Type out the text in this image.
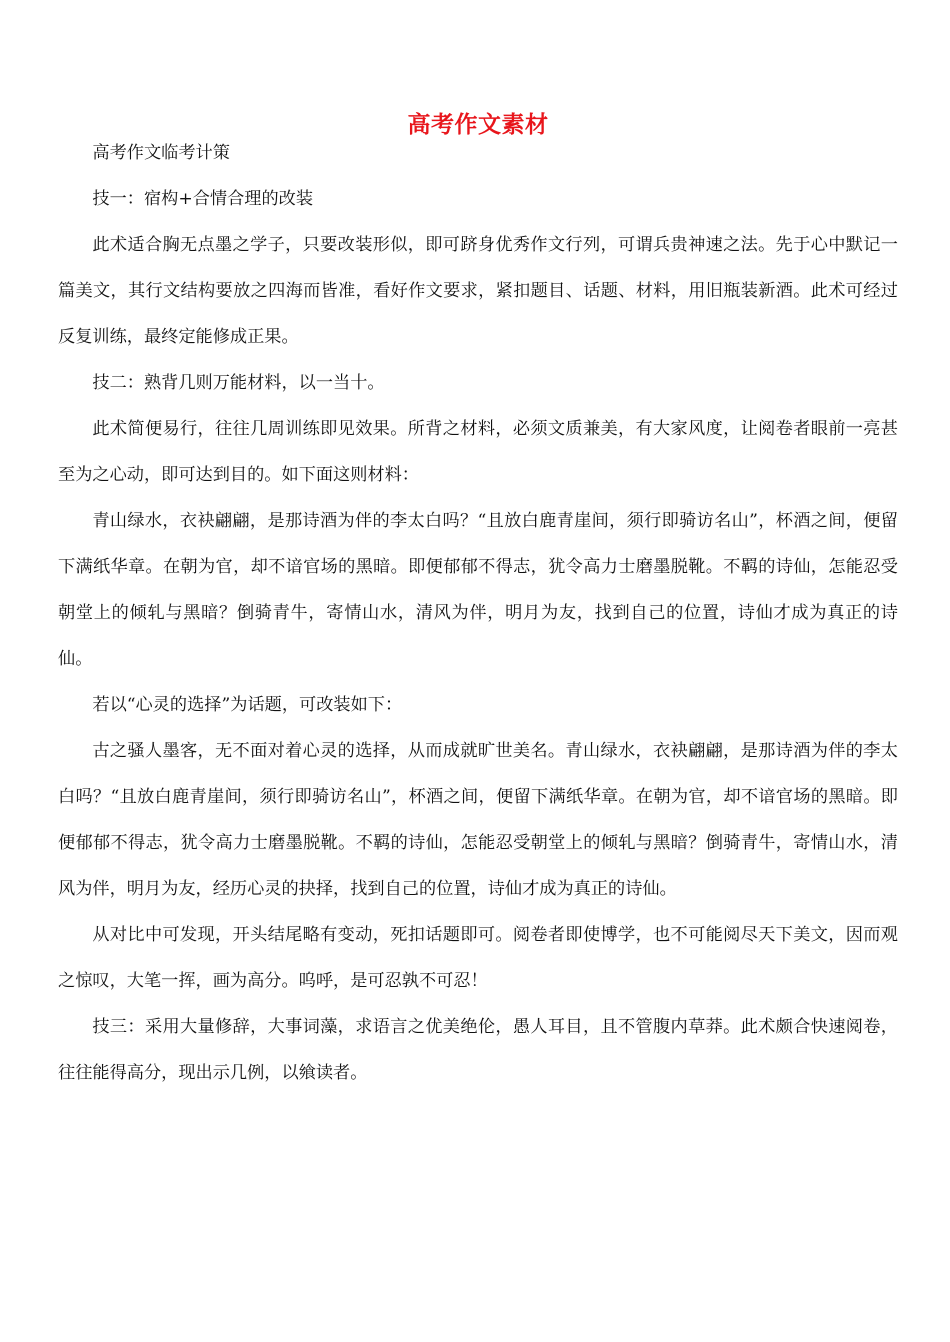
高考作文素材

高考作文临考计策

技一：宿构+合情合理的改装

此术适合胸无点墨之学子，只要改装形似，即可跻身优秀作文行列，可谓兵贵神速之法。先于心中默记一篇美文，其行文结构要放之四海而皆准，看好作文要求，紧扣题目、话题、材料，用旧瓶装新酒。此术可经过反复训练，最终定能修成正果。

技二：熟背几则万能材料，以一当十。

此术简便易行，往往几周训练即见效果。所背之材料，必须文质兼美，有大家风度，让阅卷者眼前一亮甚至为之心动，即可达到目的。如下面这则材料：

青山绿水，衣袂翩翩，是那诗酒为伴的李太白吗？“且放白鹿青崖间，须行即骑访名山”，杯酒之间，便留下满纸华章。在朝为官，却不谙官场的黑暗。即便郁郁不得志，犹令高力士磨墨脱靴。不羁的诗仙，怎能忍受朝堂上的倾轧与黑暗？倒骑青牛，寄情山水，清风为伴，明月为友，找到自己的位置，诗仙才成为真正的诗仙。

若以“心灵的选择”为话题，可改装如下：

古之骚人墨客，无不面对着心灵的选择，从而成就旷世美名。青山绿水，衣袂翩翩，是那诗酒为伴的李太白吗？“且放白鹿青崖间，须行即骑访名山”，杯酒之间，便留下满纸华章。在朝为官，却不谙官场的黑暗。即便郁郁不得志，犹令高力士磨墨脱靴。不羁的诗仙，怎能忍受朝堂上的倾轧与黑暗？倒骑青牛，寄情山水，清风为伴，明月为友，经历心灵的抉择，找到自己的位置，诗仙才成为真正的诗仙。

从对比中可发现，开头结尾略有变动，死扣话题即可。阅卷者即使博学，也不可能阅尽天下美文，因而观之惊叹，大笔一挥，画为高分。呜呼，是可忍孰不可忍！

技三：采用大量修辞，大事词藻，求语言之优美绝伦，愚人耳目，且不管腹内草莽。此术颇合快速阅卷，往往能得高分，现出示几例，以飨读者。
